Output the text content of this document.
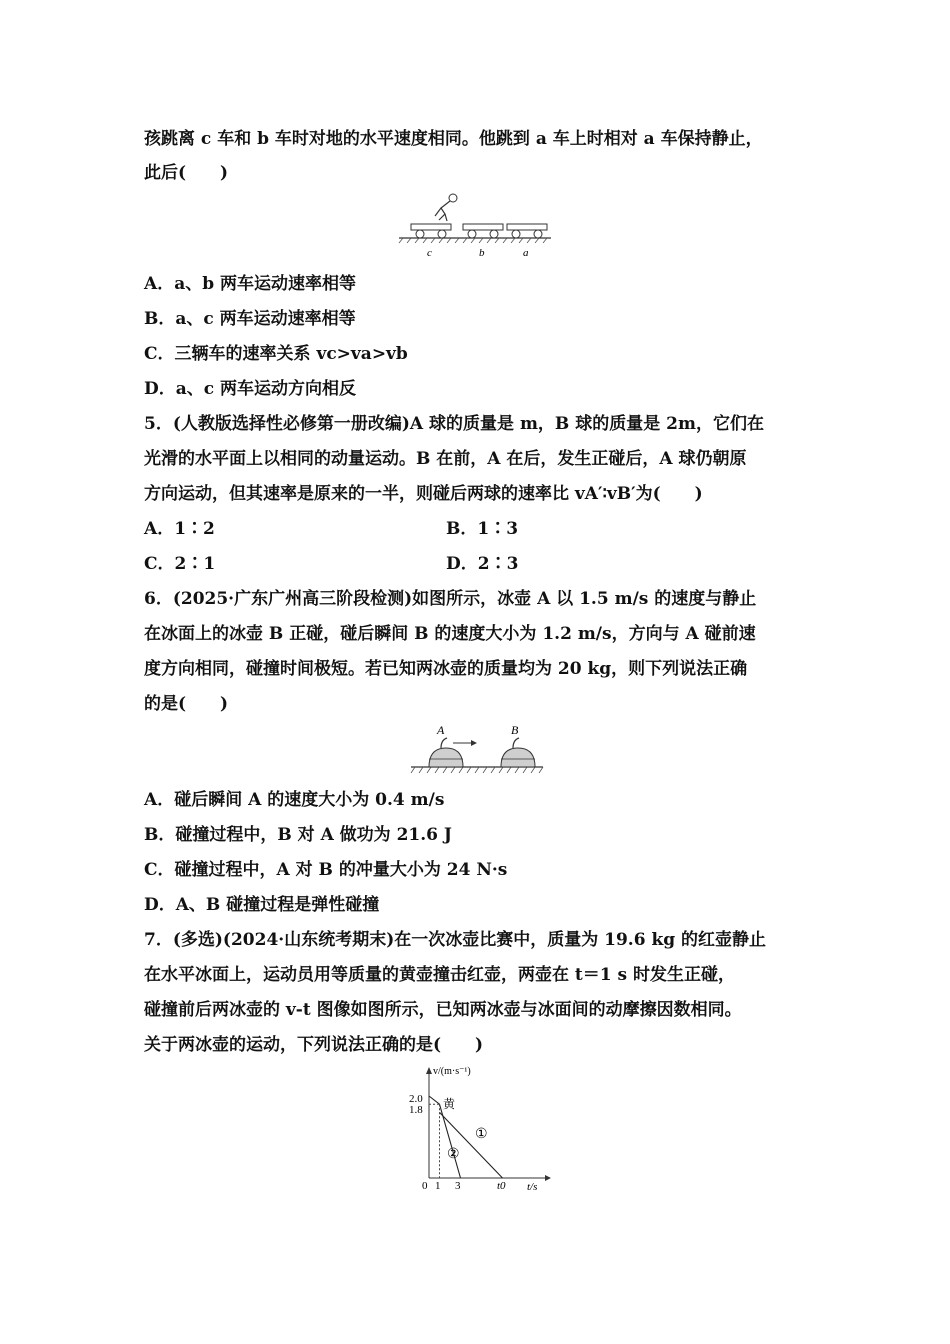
孩跳离 c 车和 b 车时对地的水平速度相同。他跳到 a 车上时相对 a 车保持静止，
此后(　　)
c	b	a
A．a、b 两车运动速率相等
B．a、c 两车运动速率相等
C．三辆车的速率关系 vc>va>vb
D．a、c 两车运动方向相反
5．(人教版选择性必修第一册改编)A 球的质量是 m，B 球的质量是 2m，它们在
光滑的水平面上以相同的动量运动。B 在前，A 在后，发生正碰后，A 球仍朝原
方向运动，但其速率是原来的一半，则碰后两球的速率比 vA′∶vB′为(　　)
A．1∶2	B．1∶3
C．2∶1	D．2∶3
6．(2025·广东广州高三阶段检测)如图所示，冰壶 A 以 1.5 m/s 的速度与静止
在冰面上的冰壶 B 正碰，碰后瞬间 B 的速度大小为 1.2 m/s，方向与 A 碰前速
度方向相同，碰撞时间极短。若已知两冰壶的质量均为 20 kg，则下列说法正确
的是(　　)
A	B
A．碰后瞬间 A 的速度大小为 0.4 m/s
B．碰撞过程中，B 对 A 做功为 21.6 J
C．碰撞过程中，A 对 B 的冲量大小为 24 N·s
D．A、B 碰撞过程是弹性碰撞
7．(多选)(2024·山东统考期末)在一次冰壶比赛中，质量为 19.6 kg 的红壶静止
在水平冰面上，运动员用等质量的黄壶撞击红壶，两壶在 t＝1 s 时发生正碰，
碰撞前后两冰壶的 v-t 图像如图所示，已知两冰壶与冰面间的动摩擦因数相同。
关于两冰壶的运动，下列说法正确的是(　　)
v/(m·s⁻¹)
t/s
2.0
1.8
0 1 3	t0
黄
①
②
